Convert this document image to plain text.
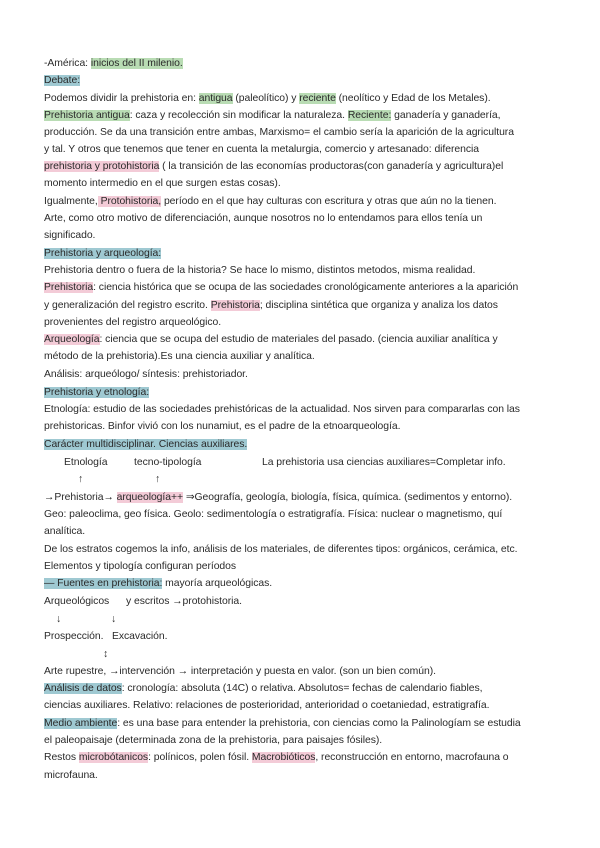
-América: inicios del II milenio.
Debate:
Podemos dividir la prehistoria en: antigua (paleolítico) y reciente (neolítico y Edad de los Metales).
Prehistoria antigua: caza y recolección sin modificar la naturaleza. Reciente: ganadería y ganadería,
producción. Se da una transición entre ambas, Marxismo= el cambio sería la aparición de la agricultura
y tal. Y otros que tenemos que tener en cuenta la metalurgia, comercio y artesanado: diferencia
prehistoria y protohistoria ( la transición de las economías productoras(con ganadería y agricultura)el
momento intermedio en el que surgen estas cosas).
Igualmente, Protohistoria, período en el que hay culturas con escritura y otras que aún no la tienen.
Arte, como otro motivo de diferenciación, aunque nosotros no lo entendamos para ellos tenía un
significado.
Prehistoria y arqueología:
Prehistoria dentro o fuera de la historia? Se hace lo mismo, distintos metodos, misma realidad.
Prehistoria: ciencia histórica que se ocupa de las sociedades cronológicamente anteriores a la aparición
y generalización del registro escrito. Prehistoria; disciplina sintética que organiza y analiza los datos
provenientes del registro arqueológico.
Arqueología: ciencia que se ocupa del estudio de materiales del pasado. (ciencia auxiliar analítica y
método de la prehistoria).Es una ciencia auxiliar y analítica.
Análisis: arqueólogo/ síntesis: prehistoriador.
Prehistoria y etnología:
Etnología: estudio de las sociedades prehistóricas de la actualidad. Nos sirven para compararlas con las
prehistoricas. Binfor vivió con los nunamiut, es el padre de la etnoarqueología.
Carácter multidisciplinar. Ciencias auxiliares.
Etnología	tecno-tipología	La prehistoria usa ciencias auxiliares=Completar info.
↑	↑
→Prehistoria→ arqueología++ ⇒Geografía, geología, biología, física, química. (sedimentos y entorno).
Geo: paleoclima, geo física. Geolo: sedimentología o estratigrafía. Física: nuclear o magnetismo, quí
analítica.
De los estratos cogemos la info, análisis de los materiales, de diferentes tipos: orgánicos, cerámica, etc.
Elementos y tipología configuran períodos
— Fuentes en prehistoria: mayoría arqueológicas.
Arqueológicos y escritos →protohistoria.
↓	↓
Prospección. Excavación.
↕
Arte rupestre, →intervención → interpretación y puesta en valor. (son un bien común).
Análisis de datos: cronología: absoluta (14C) o relativa. Absolutos= fechas de calendario fiables,
ciencias auxiliares. Relativo: relaciones de posterioridad, anterioridad o coetaniedad, estratigrafía.
Medio ambiente: es una base para entender la prehistoria, con ciencias como la Palinologíam se estudia
el paleopaisaje (determinada zona de la prehistoria, para paisajes fósiles).
Restos microbótanicos: polínicos, polen fósil. Macrobióticos, reconstrucción en entorno, macrofauna o
microfauna.
